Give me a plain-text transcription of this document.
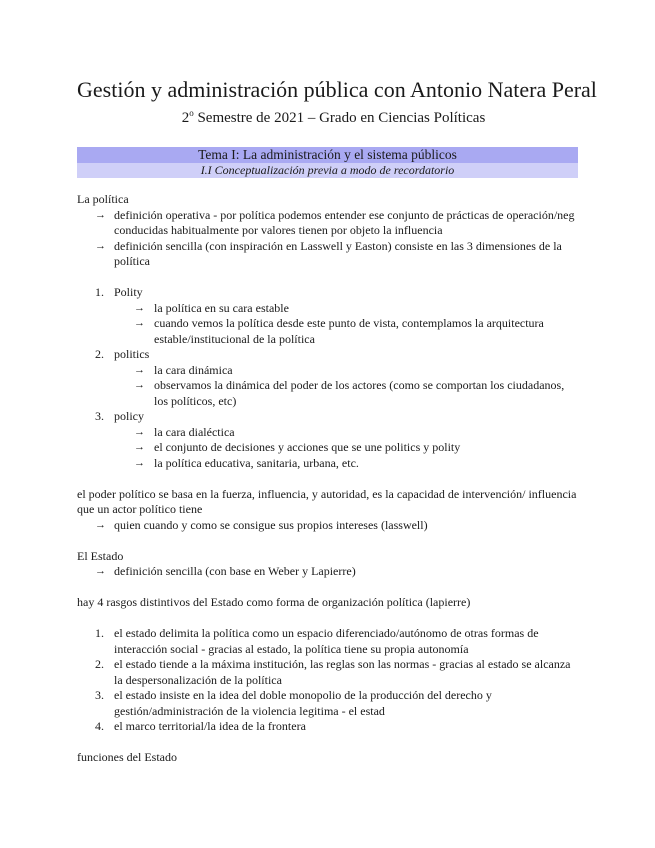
Gestión y administración pública con Antonio Natera Peral
2$^o$ Semestre de 2021 – Grado en Ciencias Políticas
Tema I: La administración y el sistema públicos
I.I Conceptualización previa a modo de recordatorio

La política

→ definición operativa - por política podemos entender ese conjunto de prácticas de operación/neg conducidas habitualmente por valores tienen por objeto la influencia
→ definición sencilla (con inspiración en Lasswell y Easton) consiste en las 3 dimensiones de la política
1. Polity
→ la política en su cara estable
→ cuando vemos la política desde este punto de vista, contemplamos la arquitectura estable/institucional de la política
2. politics
→ la cara dinámica
→ observamos la dinámica del poder de los actores (como se comportan los ciudadanos, los políticos, etc)
3. policy
→ la cara dialéctica
→ el conjunto de decisiones y acciones que se une politics y polity
→ la política educativa, sanitaria, urbana, etc.

el poder político se basa en la fuerza, influencia, y autoridad, es la capacidad de intervención/ influencia que un actor político tiene

→ quien cuando y como se consigue sus propios intereses (lasswell)

El Estado

→ definición sencilla (con base en Weber y Lapierre)

hay 4 rasgos distintivos del Estado como forma de organización política (lapierre)

1. el estado delimita la política como un espacio diferenciado/autónomo de otras formas de interacción social - gracias al estado, la política tiene su propia autonomía
2. el estado tiende a la máxima institución, las reglas son las normas - gracias al estado se alcanza la despersonalización de la política
3. el estado insiste en la idea del doble monopolio de la producción del derecho y gestión/administración de la violencia legitima - el estad
4. el marco territorial/la idea de la frontera

funciones del Estado
